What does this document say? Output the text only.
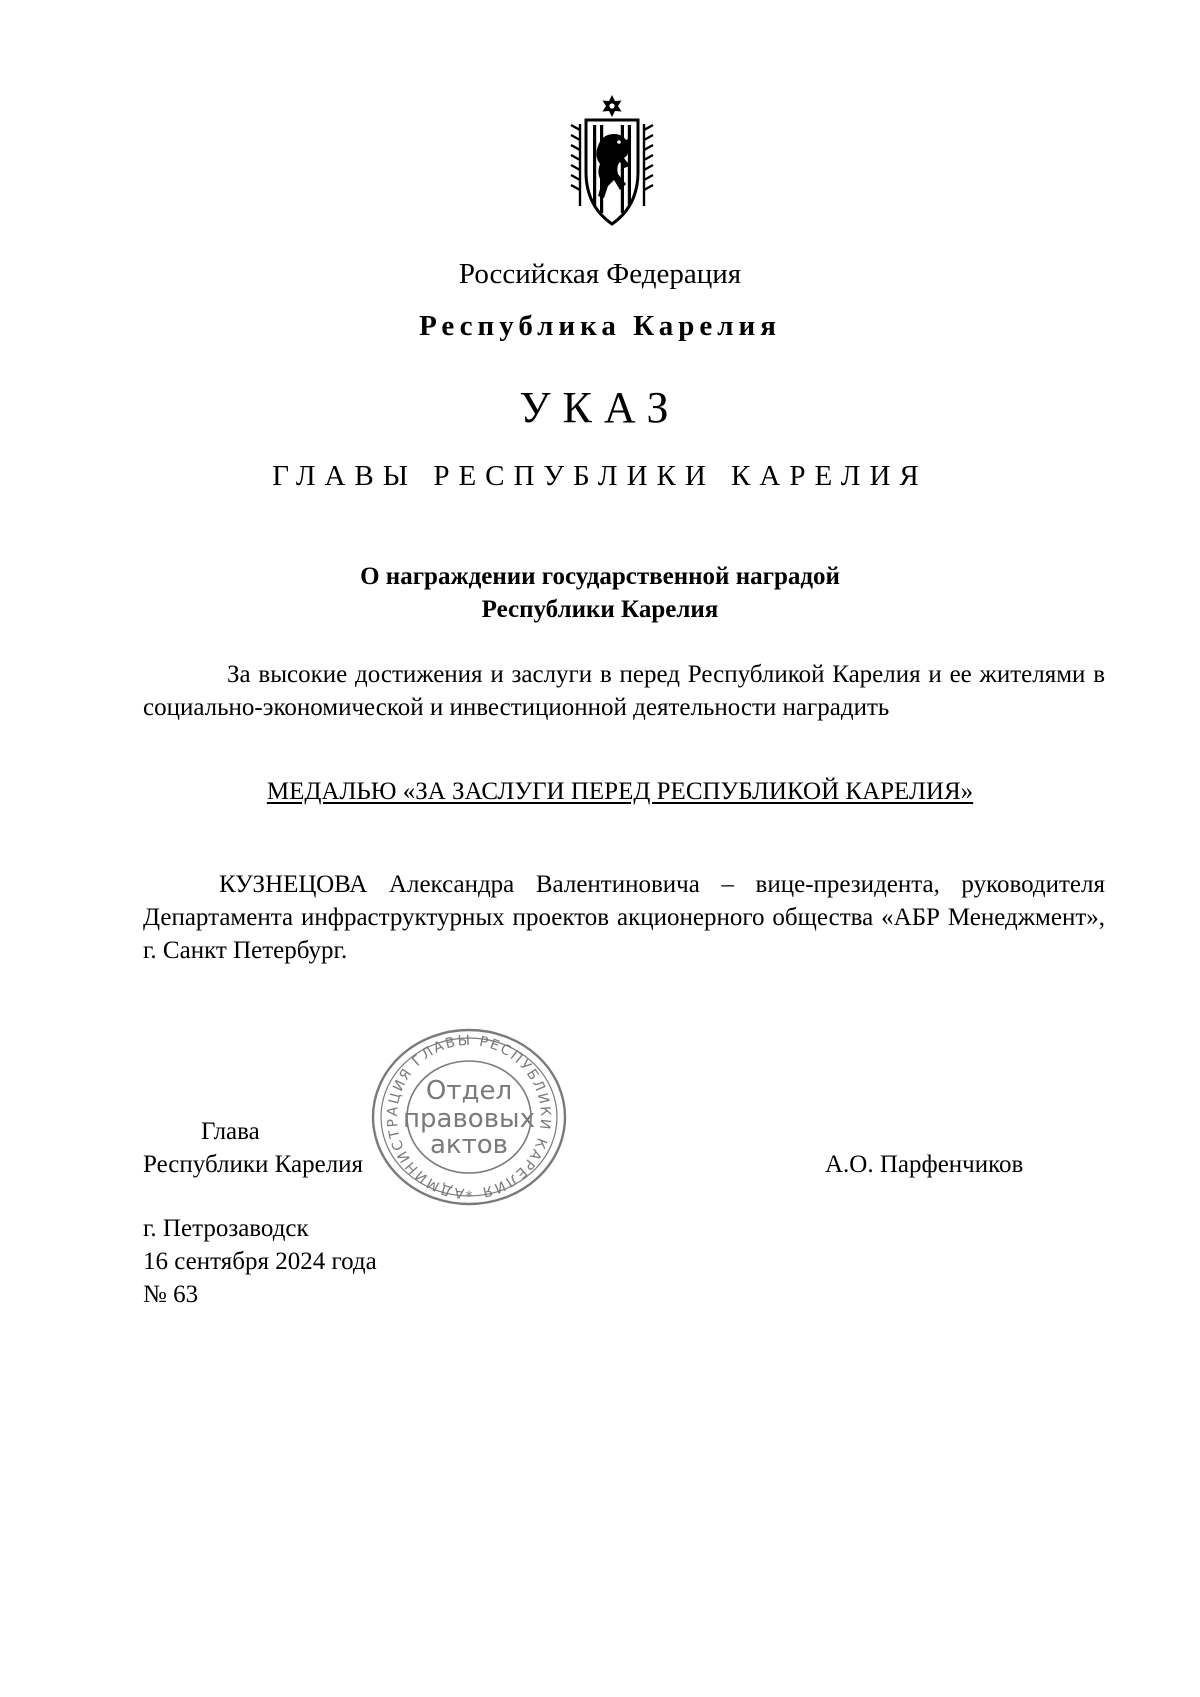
Российская Федерация
Республика Карелия
УКАЗ
ГЛАВЫ РЕСПУБЛИКИ КАРЕЛИЯ
О награждении государственной наградой
Республики Карелия
За высокие достижения и заслуги в перед Республикой Карелия и ее жителями в социально-экономической и инвестиционной деятельности наградить
МЕДАЛЬЮ «ЗА ЗАСЛУГИ ПЕРЕД РЕСПУБЛИКОЙ КАРЕЛИЯ»
КУЗНЕЦОВА Александра Валентиновича – вице-президента, руководителя Департамента инфраструктурных проектов акционерного общества «АБР Менеджмент», г. Санкт Петербург.
АДМИНИСТРАЦИЯ ГЛАВЫ РЕСПУБЛИКИ КАРЕЛИЯ
Отдел
правовых
актов
*
Глава
Республики Карелия	А.О. Парфенчиков
г. Петрозаводск
16 сентября 2024 года
№ 63
